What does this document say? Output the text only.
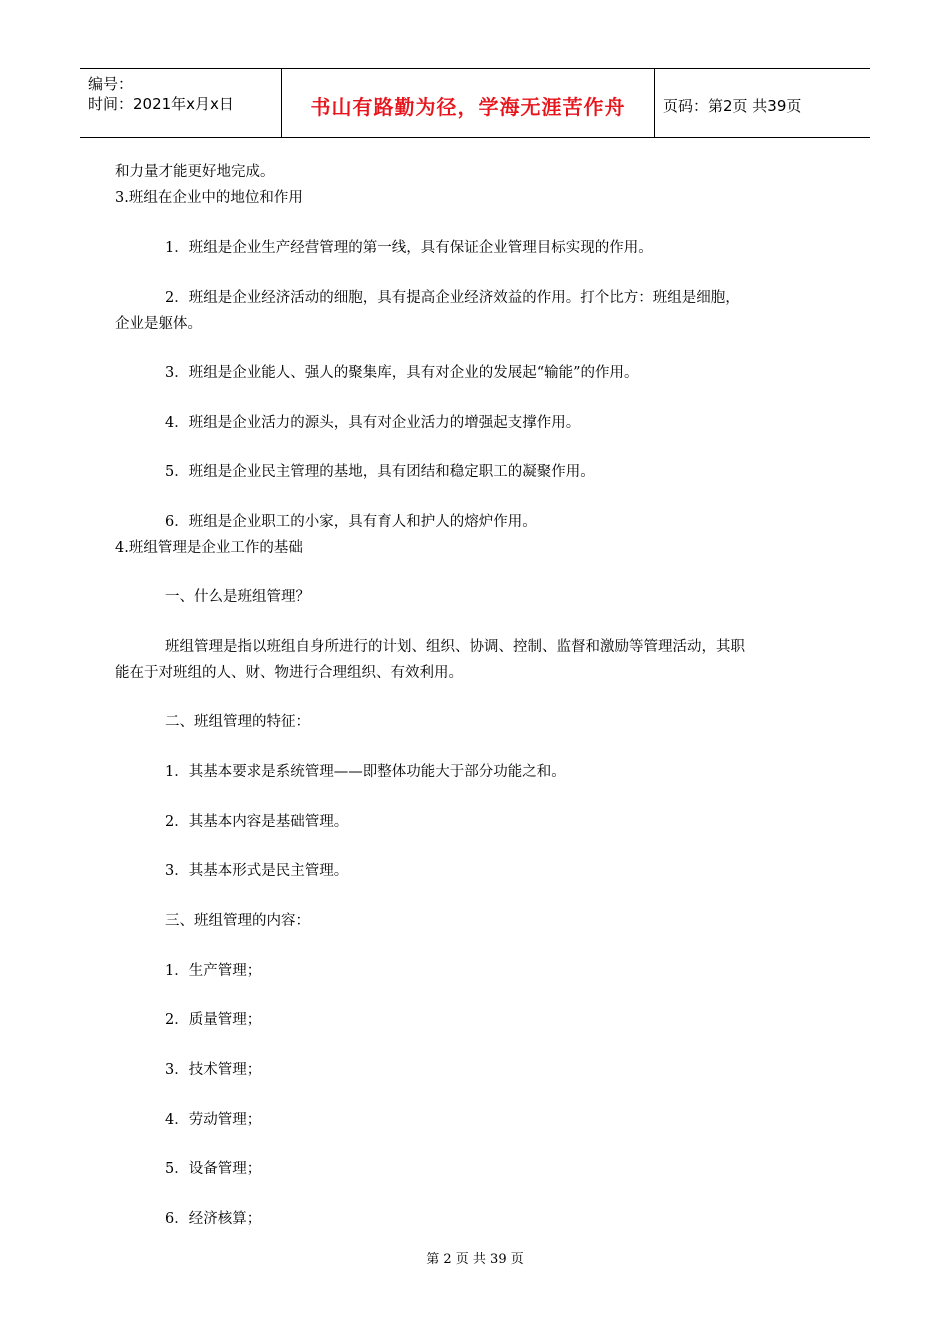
编号：
时间：2021年x月x日	书山有路勤为径，学海无涯苦作舟	页码：第2页 共39页
和力量才能更好地完成。
3.班组在企业中的地位和作用
1．班组是企业生产经营管理的第一线，具有保证企业管理目标实现的作用。
2．班组是企业经济活动的细胞，具有提高企业经济效益的作用。打个比方：班组是细胞，
企业是躯体。
3．班组是企业能人、强人的聚集库，具有对企业的发展起“输能”的作用。
4．班组是企业活力的源头，具有对企业活力的增强起支撑作用。
5．班组是企业民主管理的基地，具有团结和稳定职工的凝聚作用。
6．班组是企业职工的小家，具有育人和护人的熔炉作用。
4.班组管理是企业工作的基础
一、什么是班组管理？
班组管理是指以班组自身所进行的计划、组织、协调、控制、监督和激励等管理活动，其职
能在于对班组的人、财、物进行合理组织、有效利用。
二、班组管理的特征：
1．其基本要求是系统管理——即整体功能大于部分功能之和。
2．其基本内容是基础管理。
3．其基本形式是民主管理。
三、班组管理的内容：
1．生产管理；
2．质量管理；
3．技术管理；
4．劳动管理；
5．设备管理；
6．经济核算；
第 2 页 共 39 页
